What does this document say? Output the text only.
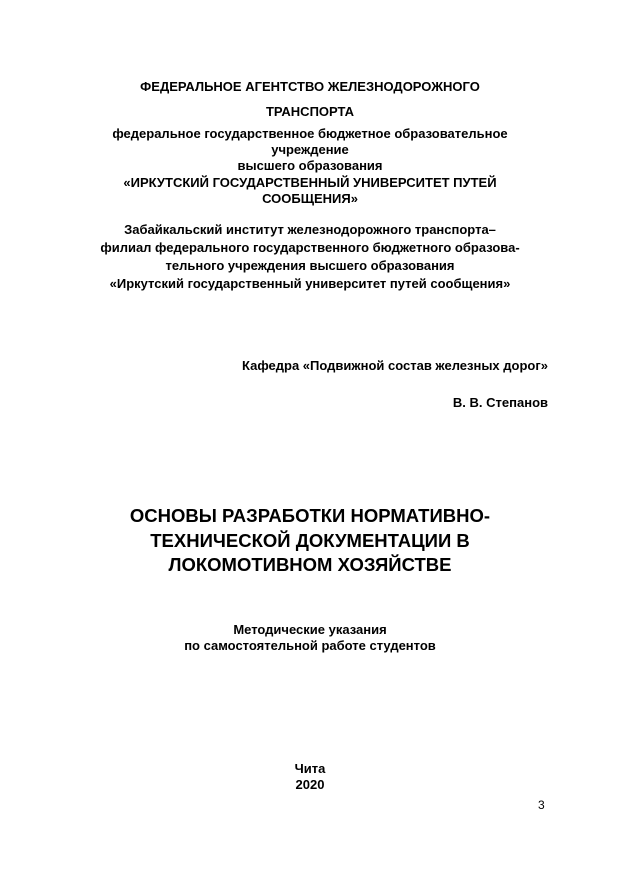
ФЕДЕРАЛЬНОЕ АГЕНТСТВО ЖЕЛЕЗНОДОРОЖНОГО
ТРАНСПОРТА
федеральное государственное бюджетное образовательное
учреждение
высшего образования
«ИРКУТСКИЙ ГОСУДАРСТВЕННЫЙ УНИВЕРСИТЕТ ПУТЕЙ
СООБЩЕНИЯ»
Забайкальский институт железнодорожного транспорта–
филиал федерального государственного бюджетного образова-
тельного учреждения высшего образования
«Иркутский государственный университет путей сообщения»
Кафедра «Подвижной состав железных дорог»
В. В. Степанов
ОСНОВЫ РАЗРАБОТКИ НОРМАТИВНО-
ТЕХНИЧЕСКОЙ ДОКУМЕНТАЦИИ В
ЛОКОМОТИВНОМ ХОЗЯЙСТВЕ
Методические указания
по самостоятельной работе студентов
Чита
2020
3
